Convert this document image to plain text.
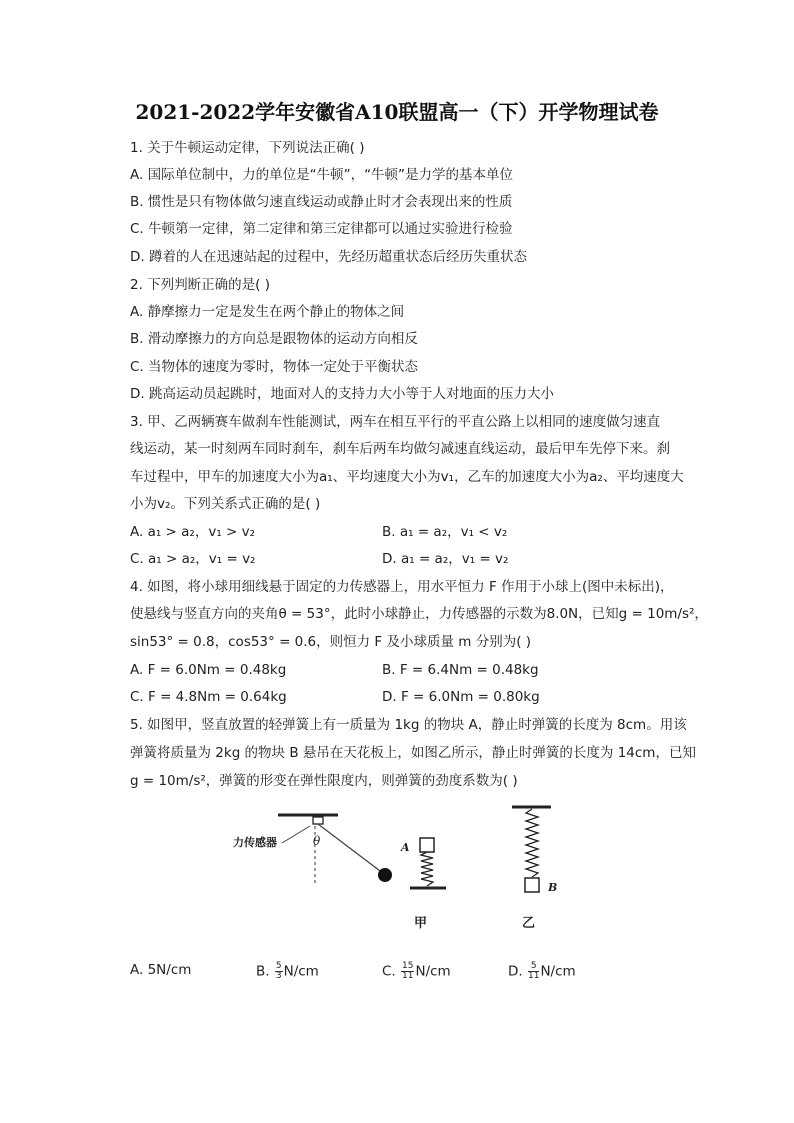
2021-2022学年安徽省A10联盟高一（下）开学物理试卷
1. 关于牛顿运动定律，下列说法正确( )
A. 国际单位制中，力的单位是“牛顿”，“牛顿”是力学的基本单位
B. 惯性是只有物体做匀速直线运动或静止时才会表现出来的性质
C. 牛顿第一定律，第二定律和第三定律都可以通过实验进行检验
D. 蹲着的人在迅速站起的过程中，先经历超重状态后经历失重状态
2. 下列判断正确的是( )
A. 静摩擦力一定是发生在两个静止的物体之间
B. 滑动摩擦力的方向总是跟物体的运动方向相反
C. 当物体的速度为零时，物体一定处于平衡状态
D. 跳高运动员起跳时，地面对人的支持力大小等于人对地面的压力大小
3. 甲、乙两辆赛车做刹车性能测试，两车在相互平行的平直公路上以相同的速度做匀速直
线运动，某一时刻两车同时刹车，刹车后两车均做匀减速直线运动，最后甲车先停下来。刹
车过程中，甲车的加速度大小为a₁、平均速度大小为v₁，乙车的加速度大小为a₂、平均速度大
小为v₂。下列关系式正确的是( )
A. a₁ > a₂，v₁ > v₂	B. a₁ = a₂，v₁ < v₂
C. a₁ > a₂，v₁ = v₂	D. a₁ = a₂，v₁ = v₂
4. 如图，将小球用细线悬于固定的力传感器上，用水平恒力 F 作用于小球上(图中未标出)，
使悬线与竖直方向的夹角θ = 53°，此时小球静止，力传感器的示数为8.0N，已知g = 10m/s²，
sin53° = 0.8，cos53° = 0.6，则恒力 F 及小球质量 m 分别为( )
A. F = 6.0Nm = 0.48kg	B. F = 6.4Nm = 0.48kg
C. F = 4.8Nm = 0.64kg	D. F = 6.0Nm = 0.80kg
5. 如图甲，竖直放置的轻弹簧上有一质量为 1kg 的物块 A，静止时弹簧的长度为 8cm。用该
弹簧将质量为 2kg 的物块 B 悬吊在天花板上，如图乙所示，静止时弹簧的长度为 14cm，已知
g = 10m/s²，弹簧的形变在弹性限度内，则弹簧的劲度系数为( )
力传感器	θ	A
甲
B
乙
A. 5N/cm	B. $\frac{5}{3} N/cm$	C. $\frac{15}{11} N/cm$	D. $\frac{5}{11} N/cm$
